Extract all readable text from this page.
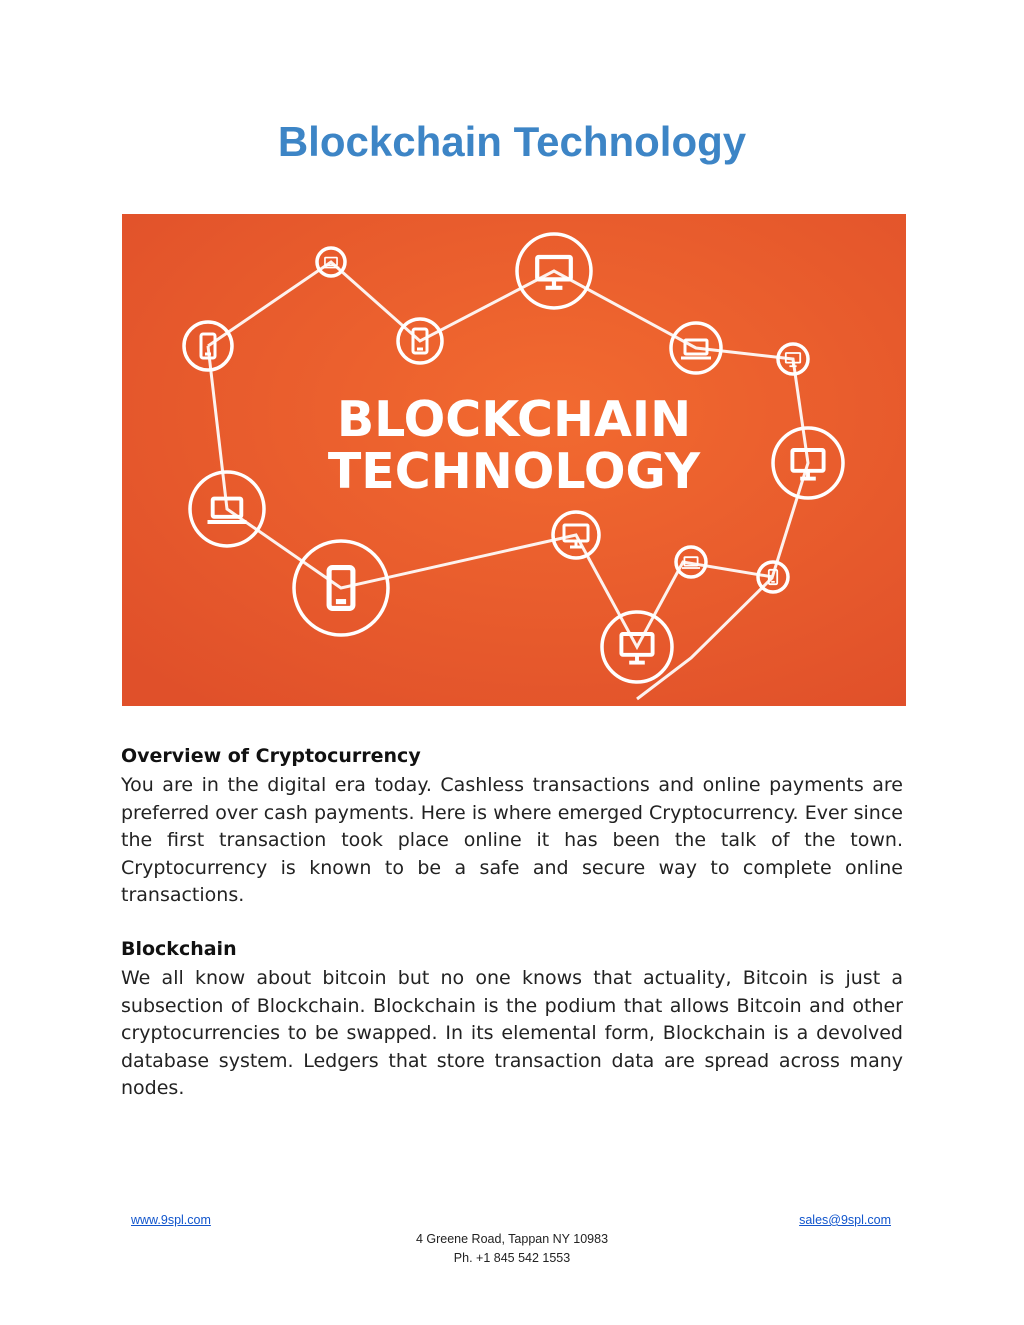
Blockchain Technology
BLOCKCHAIN
TECHNOLOGY
Overview of Cryptocurrency

You are in the digital era today. Cashless transactions and online payments are preferred over cash payments. Here is where emerged Cryptocurrency. Ever since the first transaction took place online it has been the talk of the town. Cryptocurrency is known to be a safe and secure way to complete online transactions.

Blockchain

We all know about bitcoin but no one knows that actuality, Bitcoin is just a subsection of Blockchain. Blockchain is the podium that allows Bitcoin and other cryptocurrencies to be swapped. In its elemental form, Blockchain is a devolved database system. Ledgers that store transaction data are spread across many nodes.

www.9spl.com	sales@9spl.com
4 Greene Road, Tappan NY 10983
Ph. +1 845 542 1553
